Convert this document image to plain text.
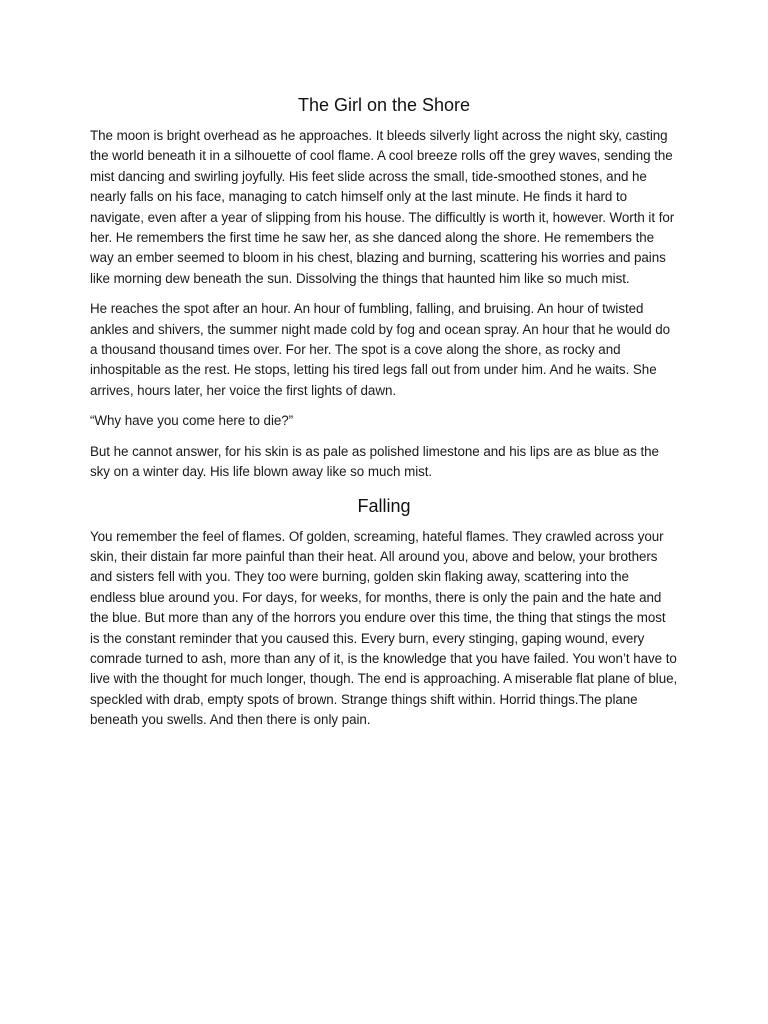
The Girl on the Shore

The moon is bright overhead as he approaches. It bleeds silverly light across the night sky, casting the world beneath it in a silhouette of cool flame. A cool breeze rolls off the grey waves, sending the mist dancing and swirling joyfully. His feet slide across the small, tide-smoothed stones, and he nearly falls on his face, managing to catch himself only at the last minute. He finds it hard to navigate, even after a year of slipping from his house. The difficultly is worth it, however. Worth it for her. He remembers the first time he saw her, as she danced along the shore. He remembers the way an ember seemed to bloom in his chest, blazing and burning, scattering his worries and pains like morning dew beneath the sun. Dissolving the things that haunted him like so much mist.

He reaches the spot after an hour. An hour of fumbling, falling, and bruising. An hour of twisted ankles and shivers, the summer night made cold by fog and ocean spray. An hour that he would do a thousand thousand times over. For her. The spot is a cove along the shore, as rocky and inhospitable as the rest. He stops, letting his tired legs fall out from under him. And he waits. She arrives, hours later, her voice the first lights of dawn.

“Why have you come here to die?”

But he cannot answer, for his skin is as pale as polished limestone and his lips are as blue as the sky on a winter day. His life blown away like so much mist.

Falling

You remember the feel of flames. Of golden, screaming, hateful flames. They crawled across your skin, their distain far more painful than their heat. All around you, above and below, your brothers and sisters fell with you. They too were burning, golden skin flaking away, scattering into the endless blue around you. For days, for weeks, for months, there is only the pain and the hate and the blue. But more than any of the horrors you endure over this time, the thing that stings the most is the constant reminder that you caused this. Every burn, every stinging, gaping wound, every comrade turned to ash, more than any of it, is the knowledge that you have failed. You won’t have to live with the thought for much longer, though. The end is approaching. A miserable flat plane of blue, speckled with drab, empty spots of brown. Strange things shift within. Horrid things.The plane beneath you swells. And then there is only pain.
